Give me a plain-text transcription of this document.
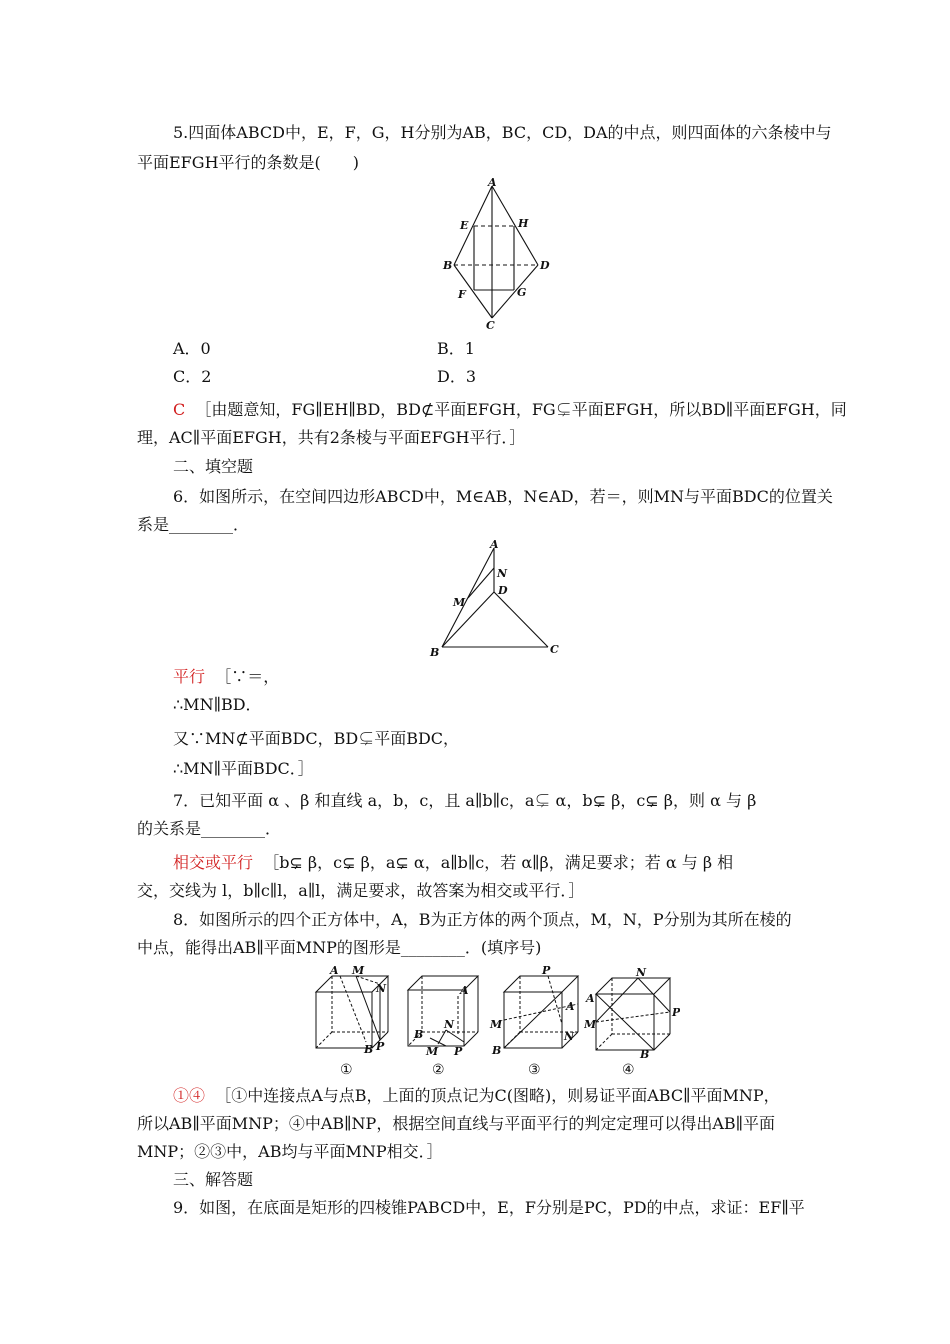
5.四面体ABCD中，E，F，G，H分别为AB，BC，CD，DA的中点，则四面体的六条棱中与
平面EFGH平行的条数是(　　)
A
E	H
B	D
F	G
C
A．0	B．1
C．2	D．3
C ［由题意知，FG∥EH∥BD，BD⊄平面EFGH，FG⊊平面EFGH，所以BD∥平面EFGH，同
理，AC∥平面EFGH，共有2条棱与平面EFGH平行．］
二、填空题
6．如图所示，在空间四边形ABCD中，M∈AB，N∈AD，若＝，则MN与平面BDC的位置关
系是________．
A
N
D
M
B	C
平行 ［∵＝，
∴MN∥BD．
又∵MN⊄平面BDC，BD⊊平面BDC，
∴MN∥平面BDC．］
7．已知平面 α 、β 和直线 a，b，c，且 a∥b∥c，a⊊ α，b⊊ β，c⊊ β，则 α 与 β
的关系是________．
相交或平行 ［b⊊ β，c⊊ β，a⊊ α，a∥b∥c，若 α∥β，满足要求；若 α 与 β 相
交，交线为 l，b∥c∥l，a∥l，满足要求，故答案为相交或平行．］
8．如图所示的四个正方体中，A，B为正方体的两个顶点，M，N，P分别为其所在棱的
中点，能得出AB∥平面MNP的图形是________．(填序号)
A M
N
B P
①
A
B
N
M P
②
P
A
M
B
N
③
N
A
P
M
B
④
①④ ［①中连接点A与点B，上面的顶点记为C(图略)，则易证平面ABC∥平面MNP，
所以AB∥平面MNP；④中AB∥NP，根据空间直线与平面平行的判定定理可以得出AB∥平面
MNP；②③中，AB均与平面MNP相交．］
三、解答题
9．如图，在底面是矩形的四棱锥PABCD中，E，F分别是PC，PD的中点，求证：EF∥平
